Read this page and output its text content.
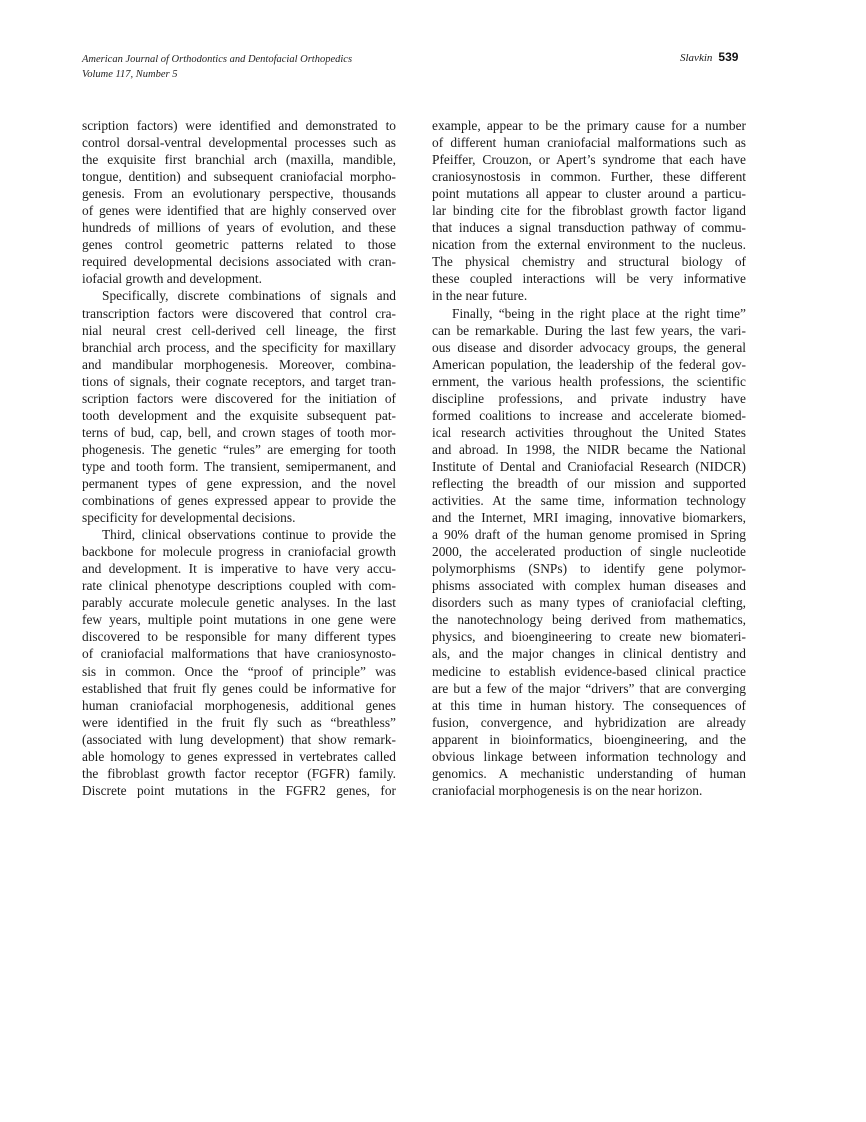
American Journal of Orthodontics and Dentofacial Orthopedics
Volume 117, Number 5
Slavkin 539
scription factors) were identified and demonstrated to
control dorsal-ventral developmental processes such as
the exquisite first branchial arch (maxilla, mandible,
tongue, dentition) and subsequent craniofacial morpho-
genesis. From an evolutionary perspective, thousands
of genes were identified that are highly conserved over
hundreds of millions of years of evolution, and these
genes control geometric patterns related to those
required developmental decisions associated with cran-
iofacial growth and development.
Specifically, discrete combinations of signals and
transcription factors were discovered that control cra-
nial neural crest cell-derived cell lineage, the first
branchial arch process, and the specificity for maxillary
and mandibular morphogenesis. Moreover, combina-
tions of signals, their cognate receptors, and target tran-
scription factors were discovered for the initiation of
tooth development and the exquisite subsequent pat-
terns of bud, cap, bell, and crown stages of tooth mor-
phogenesis. The genetic “rules” are emerging for tooth
type and tooth form. The transient, semipermanent, and
permanent types of gene expression, and the novel
combinations of genes expressed appear to provide the
specificity for developmental decisions.
Third, clinical observations continue to provide the
backbone for molecule progress in craniofacial growth
and development. It is imperative to have very accu-
rate clinical phenotype descriptions coupled with com-
parably accurate molecule genetic analyses. In the last
few years, multiple point mutations in one gene were
discovered to be responsible for many different types
of craniofacial malformations that have craniosynosto-
sis in common. Once the “proof of principle” was
established that fruit fly genes could be informative for
human craniofacial morphogenesis, additional genes
were identified in the fruit fly such as “breathless”
(associated with lung development) that show remark-
able homology to genes expressed in vertebrates called
the fibroblast growth factor receptor (FGFR) family.
Discrete point mutations in the FGFR2 genes, for
example, appear to be the primary cause for a number
of different human craniofacial malformations such as
Pfeiffer, Crouzon, or Apert’s syndrome that each have
craniosynostosis in common. Further, these different
point mutations all appear to cluster around a particu-
lar binding cite for the fibroblast growth factor ligand
that induces a signal transduction pathway of commu-
nication from the external environment to the nucleus.
The physical chemistry and structural biology of
these coupled interactions will be very informative
in the near future.
Finally, “being in the right place at the right time”
can be remarkable. During the last few years, the vari-
ous disease and disorder advocacy groups, the general
American population, the leadership of the federal gov-
ernment, the various health professions, the scientific
discipline professions, and private industry have
formed coalitions to increase and accelerate biomed-
ical research activities throughout the United States
and abroad. In 1998, the NIDR became the National
Institute of Dental and Craniofacial Research (NIDCR)
reflecting the breadth of our mission and supported
activities. At the same time, information technology
and the Internet, MRI imaging, innovative biomarkers,
a 90% draft of the human genome promised in Spring
2000, the accelerated production of single nucleotide
polymorphisms (SNPs) to identify gene polymor-
phisms associated with complex human diseases and
disorders such as many types of craniofacial clefting,
the nanotechnology being derived from mathematics,
physics, and bioengineering to create new biomateri-
als, and the major changes in clinical dentistry and
medicine to establish evidence-based clinical practice
are but a few of the major “drivers” that are converging
at this time in human history. The consequences of
fusion, convergence, and hybridization are already
apparent in bioinformatics, bioengineering, and the
obvious linkage between information technology and
genomics. A mechanistic understanding of human
craniofacial morphogenesis is on the near horizon.
